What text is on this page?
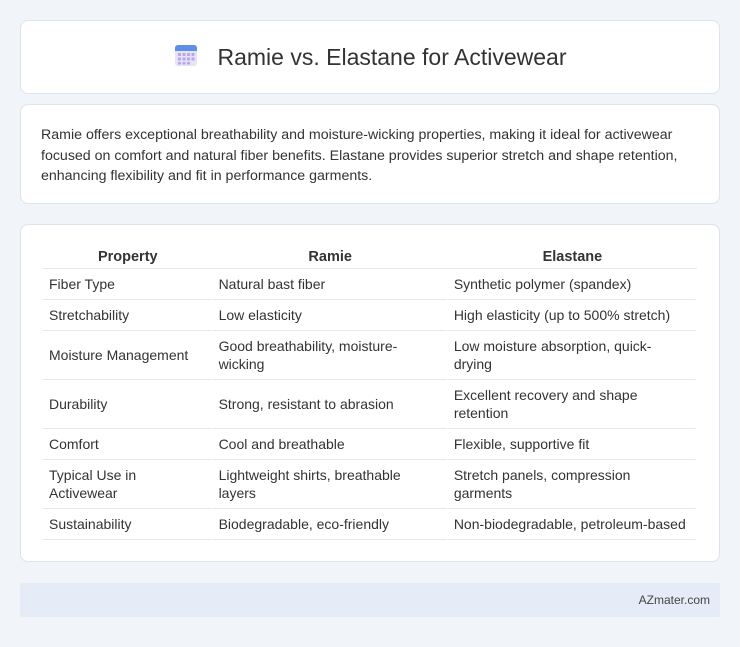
Ramie vs. Elastane for Activewear

Ramie offers exceptional breathability and moisture-wicking properties, making it ideal for activewear focused on comfort and natural fiber benefits. Elastane provides superior stretch and shape retention, enhancing flexibility and fit in performance garments.

Property	Ramie	Elastane
Fiber Type	Natural bast fiber	Synthetic polymer (spandex)
Stretchability	Low elasticity	High elasticity (up to 500% stretch)
Moisture Management	Good breathability, moisture-wicking	Low moisture absorption, quick-drying
Durability	Strong, resistant to abrasion	Excellent recovery and shape retention
Comfort	Cool and breathable	Flexible, supportive fit
Typical Use in Activewear	Lightweight shirts, breathable layers	Stretch panels, compression garments
Sustainability	Biodegradable, eco-friendly	Non-biodegradable, petroleum-based
AZmater.com
